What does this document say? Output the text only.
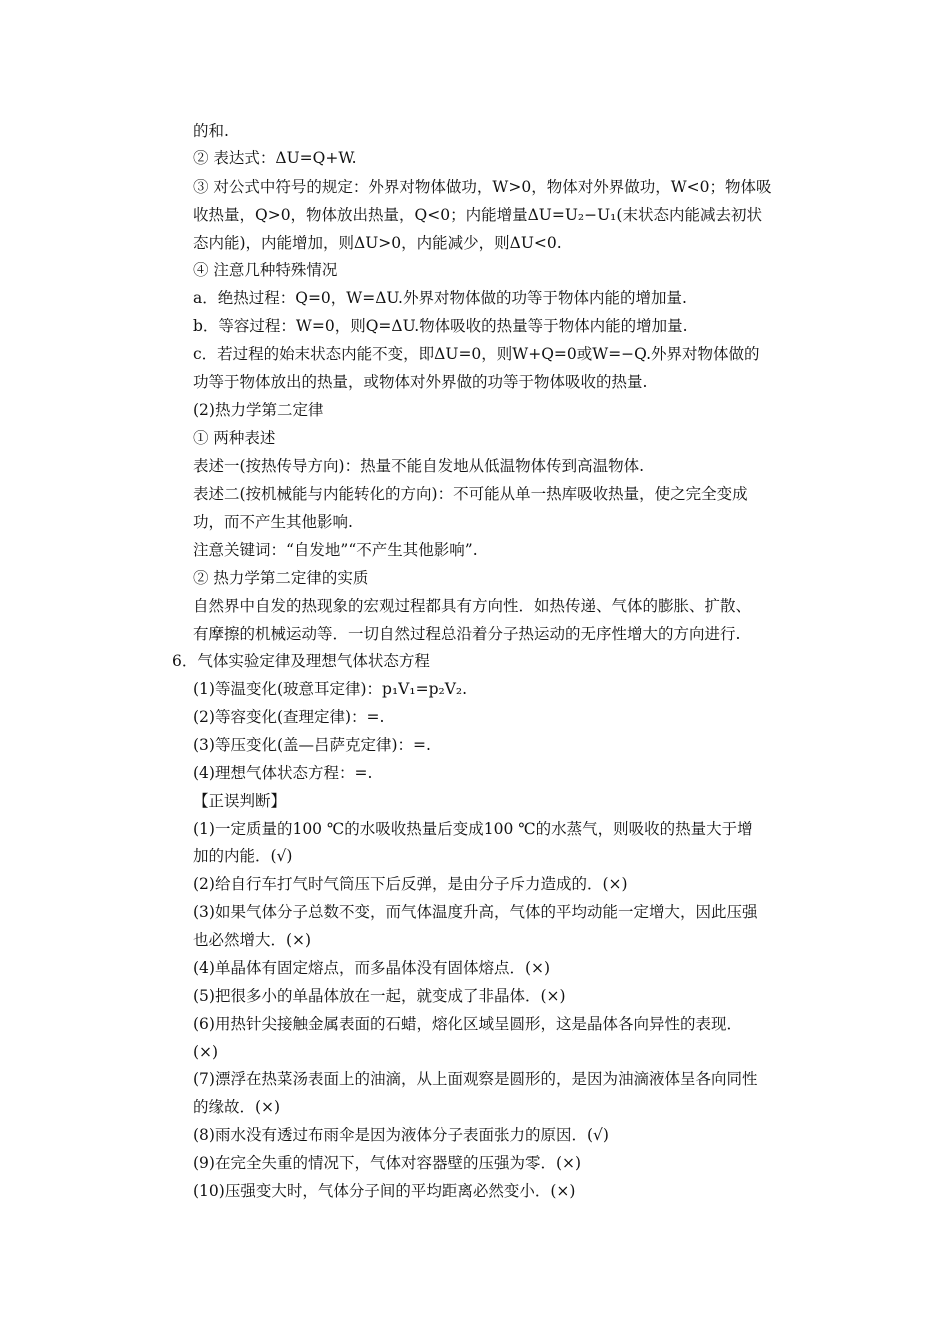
的和.
② 表达式：ΔU=Q+W.
③ 对公式中符号的规定：外界对物体做功，W>0，物体对外界做功，W<0；物体吸
收热量，Q>0，物体放出热量，Q<0；内能增量ΔU=U₂−U₁(末状态内能减去初状
态内能)，内能增加，则ΔU>0，内能减少，则ΔU<0.
④ 注意几种特殊情况
a．绝热过程：Q=0，W=ΔU.外界对物体做的功等于物体内能的增加量.
b．等容过程：W=0，则Q=ΔU.物体吸收的热量等于物体内能的增加量.
c．若过程的始末状态内能不变，即ΔU=0，则W+Q=0或W=−Q.外界对物体做的
功等于物体放出的热量，或物体对外界做的功等于物体吸收的热量.
(2)热力学第二定律
① 两种表述
表述一(按热传导方向)：热量不能自发地从低温物体传到高温物体.
表述二(按机械能与内能转化的方向)：不可能从单一热库吸收热量，使之完全变成
功，而不产生其他影响.
注意关键词：“自发地”“不产生其他影响”.
② 热力学第二定律的实质
自然界中自发的热现象的宏观过程都具有方向性．如热传递、气体的膨胀、扩散、
有摩擦的机械运动等．一切自然过程总沿着分子热运动的无序性增大的方向进行.
6．气体实验定律及理想气体状态方程
(1)等温变化(玻意耳定律)：p₁V₁=p₂V₂.
(2)等容变化(查理定律)：=.
(3)等压变化(盖—吕萨克定律)：=.
(4)理想气体状态方程：=.
【正误判断】
(1)一定质量的100 ℃的水吸收热量后变成100 ℃的水蒸气，则吸收的热量大于增
加的内能．(√)
(2)给自行车打气时气筒压下后反弹，是由分子斥力造成的．(×)
(3)如果气体分子总数不变，而气体温度升高，气体的平均动能一定增大，因此压强
也必然增大．(×)
(4)单晶体有固定熔点，而多晶体没有固体熔点．(×)
(5)把很多小的单晶体放在一起，就变成了非晶体．(×)
(6)用热针尖接触金属表面的石蜡，熔化区域呈圆形，这是晶体各向异性的表现．
(×)
(7)漂浮在热菜汤表面上的油滴，从上面观察是圆形的，是因为油滴液体呈各向同性
的缘故．(×)
(8)雨水没有透过布雨伞是因为液体分子表面张力的原因．(√)
(9)在完全失重的情况下，气体对容器壁的压强为零．(×)
(10)压强变大时，气体分子间的平均距离必然变小．(×)
